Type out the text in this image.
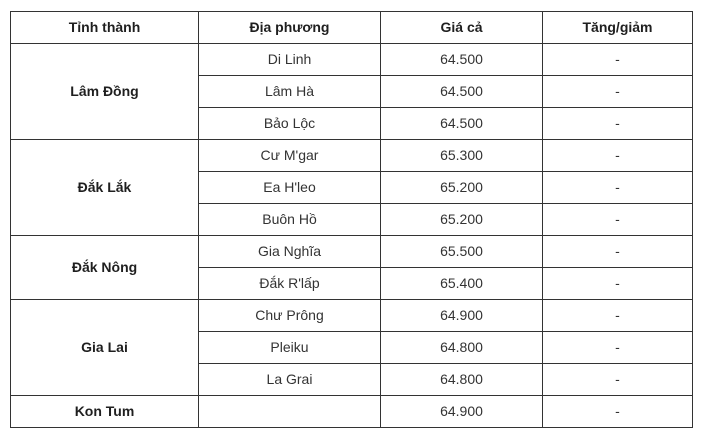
Tỉnh thành	Địa phương	Giá cả	Tăng/giảm
Lâm Đồng	Di Linh	64.500	-
	Lâm Hà	64.500	-
	Bảo Lộc	64.500	-
Đắk Lắk	Cư M'gar	65.300	-
	Ea H'leo	65.200	-
	Buôn Hồ	65.200	-
Đắk Nông	Gia Nghĩa	65.500	-
	Đắk R'lấp	65.400	-
Gia Lai	Chư Prông	64.900	-
	Pleiku	64.800	-
	La Grai	64.800	-
Kon Tum		64.900	-
